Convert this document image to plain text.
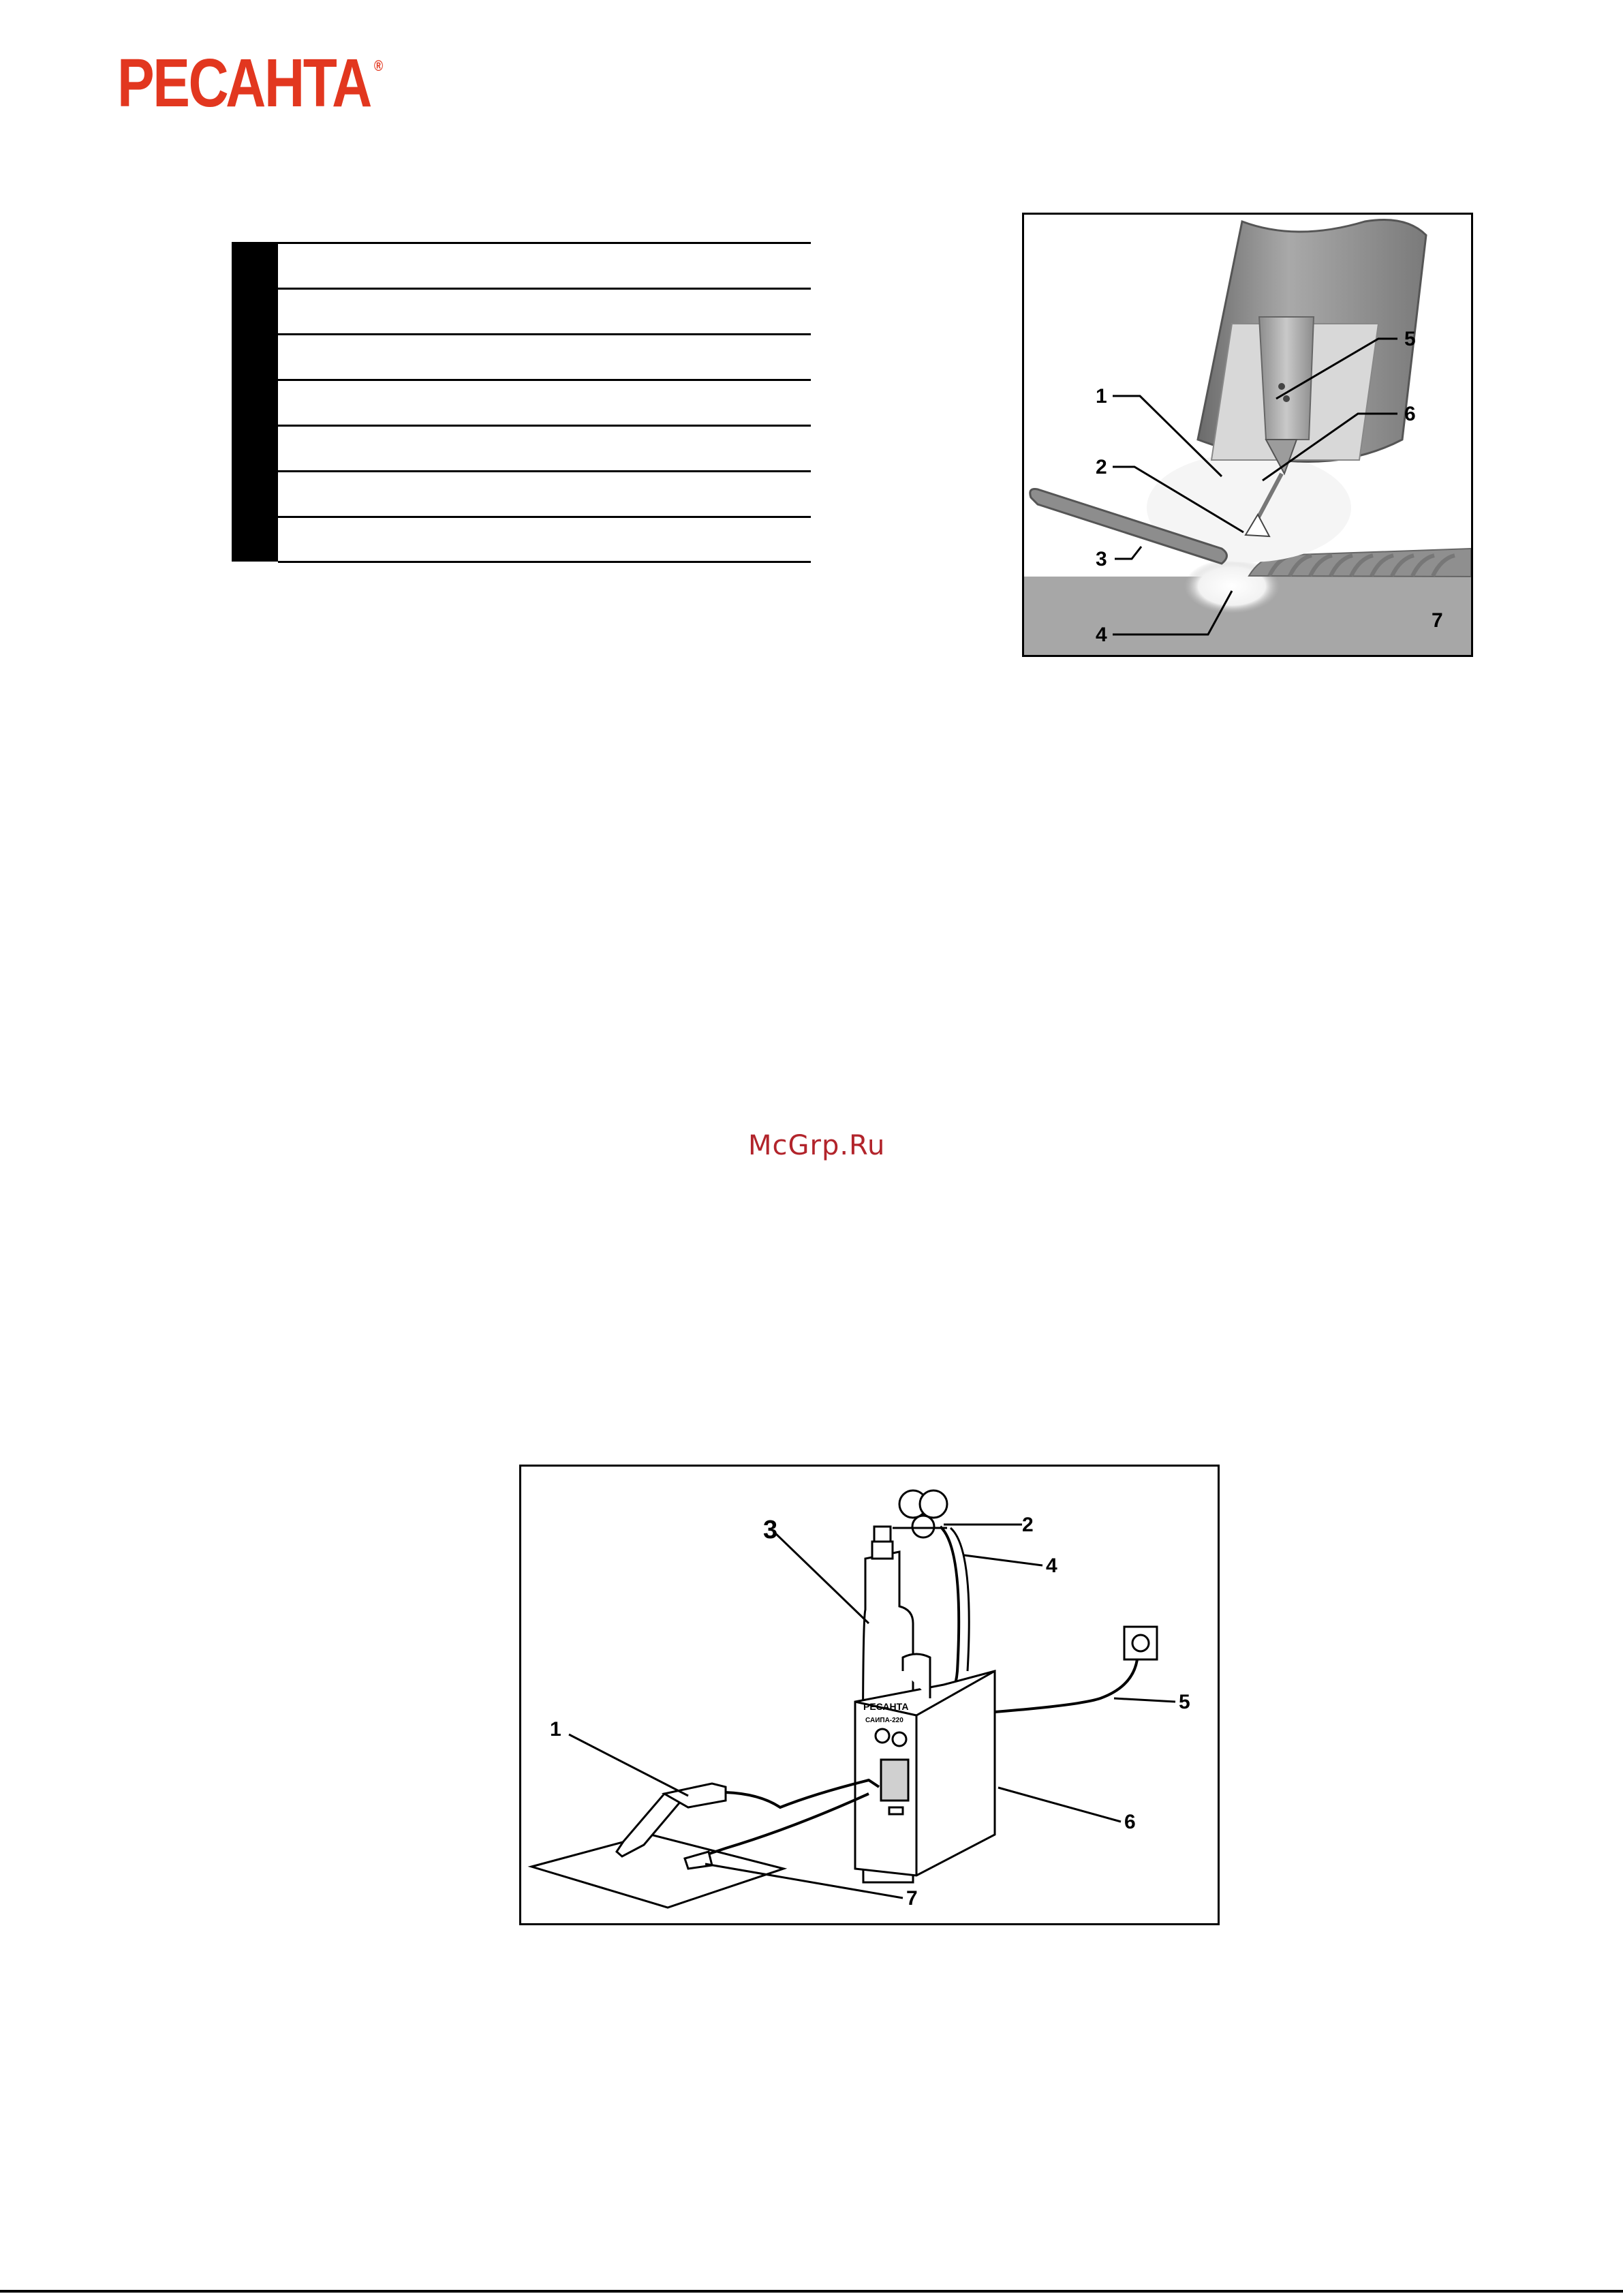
РЕСАНТА ®
1
2
3
4
5
6
7
McGrp.Ru
1
2
3
4
5
6
7
РЕСАНТА
САИПА-220
